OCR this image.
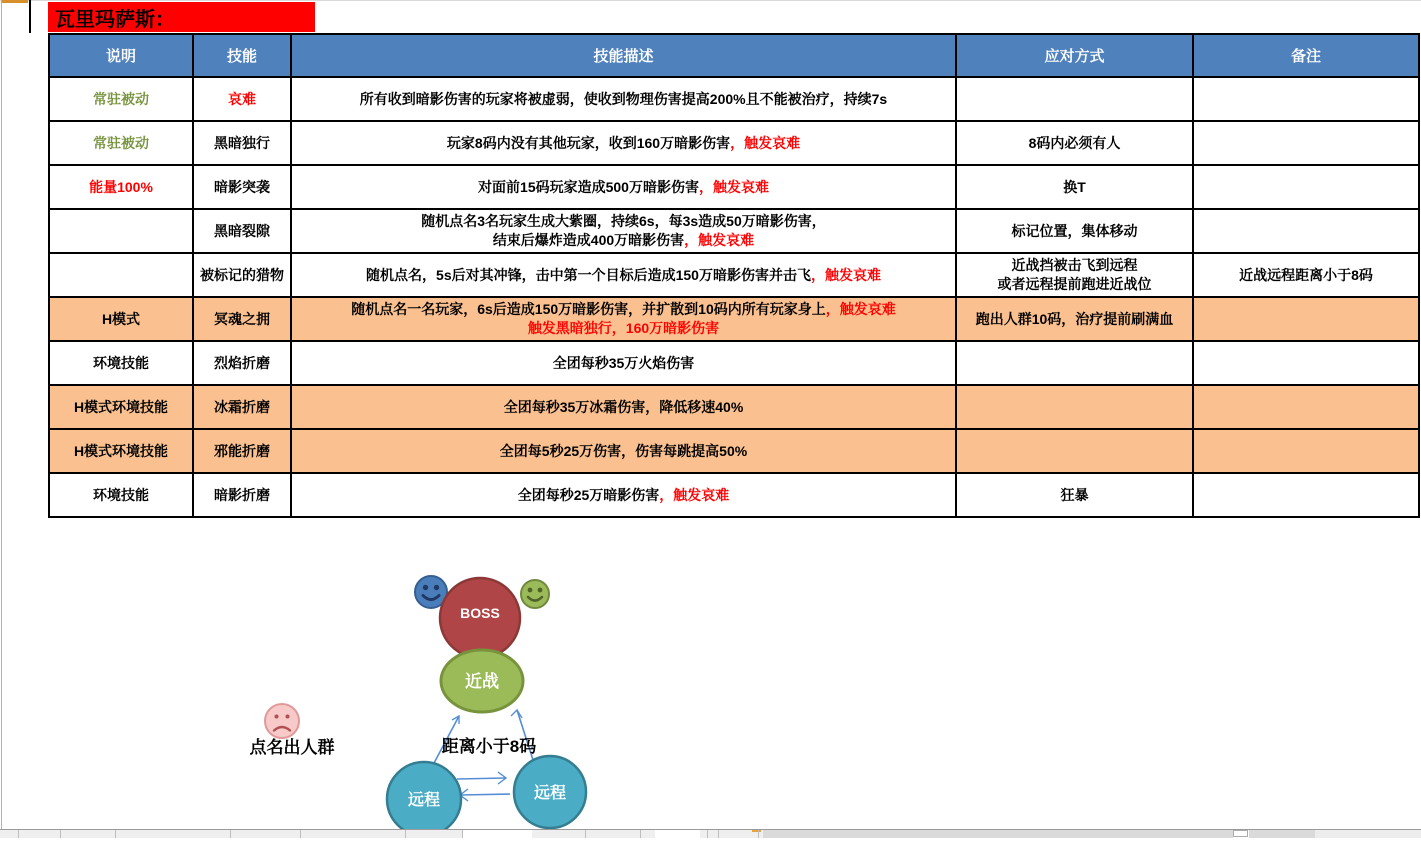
瓦里玛萨斯：
说明	技能	技能描述	应对方式	备注
常驻被动	哀难	所有收到暗影伤害的玩家将被虚弱，使收到物理伤害提高200%且不能被治疗，持续7s		

常驻被动	黑暗独行	玩家8码内没有其他玩家，收到160万暗影伤害，触发哀难	8码内必须有人	

能量100%	暗影突袭	对面前15码玩家造成500万暗影伤害，触发哀难	换T	

	黑暗裂隙	随机点名3名玩家生成大紫圈，持续6s，每3s造成50万暗影伤害，
结束后爆炸造成400万暗影伤害，触发哀难	标记位置，集体移动	

	被标记的猎物	随机点名，5s后对其冲锋，击中第一个目标后造成150万暗影伤害并击飞，触发哀难	近战挡被击飞到远程
或者远程提前跑进近战位	近战远程距离小于8码
H模式	冥魂之拥	随机点名一名玩家，6s后造成150万暗影伤害，并扩散到10码内所有玩家身上，触发哀难
触发黑暗独行，160万暗影伤害	跑出人群10码，治疗提前刷满血	

环境技能	烈焰折磨	全团每秒35万火焰伤害		

H模式环境技能	冰霜折磨	全团每秒35万冰霜伤害，降低移速40%		

H模式环境技能	邪能折磨	全团每5秒25万伤害，伤害每跳提高50%		

环境技能	暗影折磨	全团每秒25万暗影伤害，触发哀难	狂暴	

BOSS
近战
远程	远程
点名出人群	距离小于8码
